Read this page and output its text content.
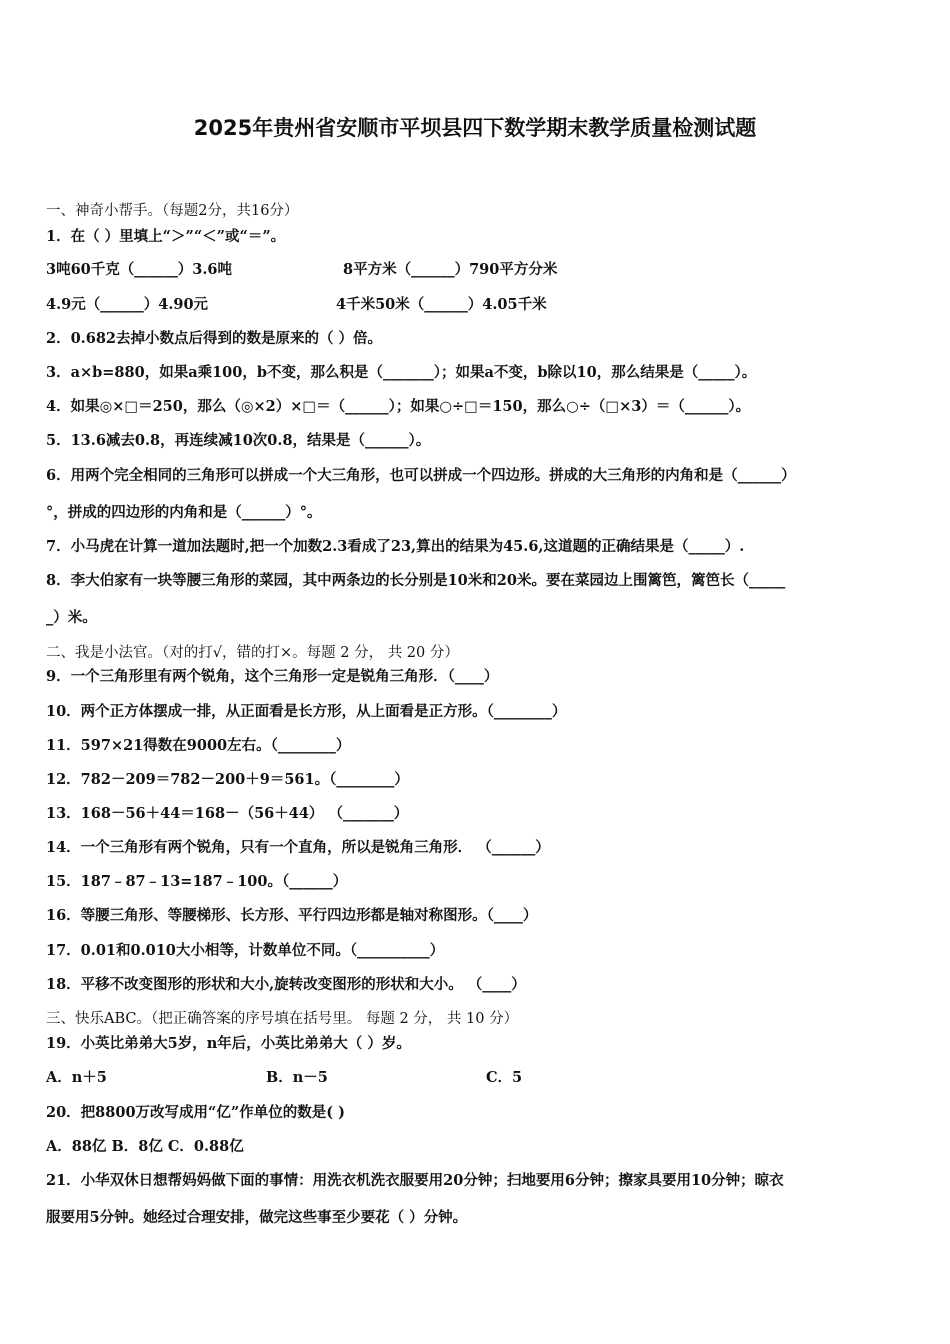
2025年贵州省安顺市平坝县四下数学期末教学质量检测试题
一、神奇小帮手。（每题2分，共16分）
1．在（ ）里填上“＞”“＜”或“＝”。
3吨60千克（______）3.6吨	8平方米（______）790平方分米
4.9元（______）4.90元	4千米50米（______）4.05千米
2．0.682去掉小数点后得到的数是原来的（ ）倍。
3．a×b=880，如果a乘100，b不变，那么积是（_______）；如果a不变，b除以10，那么结果是（_____）。
4．如果◎×□＝250，那么（◎×2）×□＝（______）；如果○÷□＝150，那么○÷（□×3）＝（______）。
5．13.6减去0.8，再连续减10次0.8，结果是（______）。
6．用两个完全相同的三角形可以拼成一个大三角形，也可以拼成一个四边形。拼成的大三角形的内角和是（______）
°，拼成的四边形的内角和是（______）°。
7．小马虎在计算一道加法题时,把一个加数2.3看成了23,算出的结果为45.6,这道题的正确结果是（_____）.
8．李大伯家有一块等腰三角形的菜园，其中两条边的长分别是10米和20米。要在菜园边上围篱笆，篱笆长（_____
_）米。
二、我是小法官。（对的打√，错的打×。每题 2 分， 共 20 分）
9．一个三角形里有两个锐角，这个三角形一定是锐角三角形．（____）
10．两个正方体摆成一排，从正面看是长方形，从上面看是正方形。（________）
11．597×21得数在9000左右。（________）
12．782－209＝782－200＋9＝561。（________）
13．168－56＋44＝168－（56＋44） （_______）
14．一个三角形有两个锐角，只有一个直角，所以是锐角三角形． （______）
15．187﹣87﹣13=187﹣100。（______）
16．等腰三角形、等腰梯形、长方形、平行四边形都是轴对称图形。（____）
17．0.01和0.010大小相等，计数单位不同。（__________）
18．平移不改变图形的形状和大小,旋转改变图形的形状和大小。 （____）
三、快乐ABC。（把正确答案的序号填在括号里。 每题 2 分， 共 10 分）
19．小英比弟弟大5岁，n年后，小英比弟弟大（ ）岁。
A．n＋5	B．n－5	C．5
20．把8800万改写成用“亿”作单位的数是( )
A．88亿 B．8亿 C．0.88亿
21．小华双休日想帮妈妈做下面的事情：用洗衣机洗衣服要用20分钟；扫地要用6分钟；擦家具要用10分钟；晾衣
服要用5分钟。她经过合理安排，做完这些事至少要花（ ）分钟。
